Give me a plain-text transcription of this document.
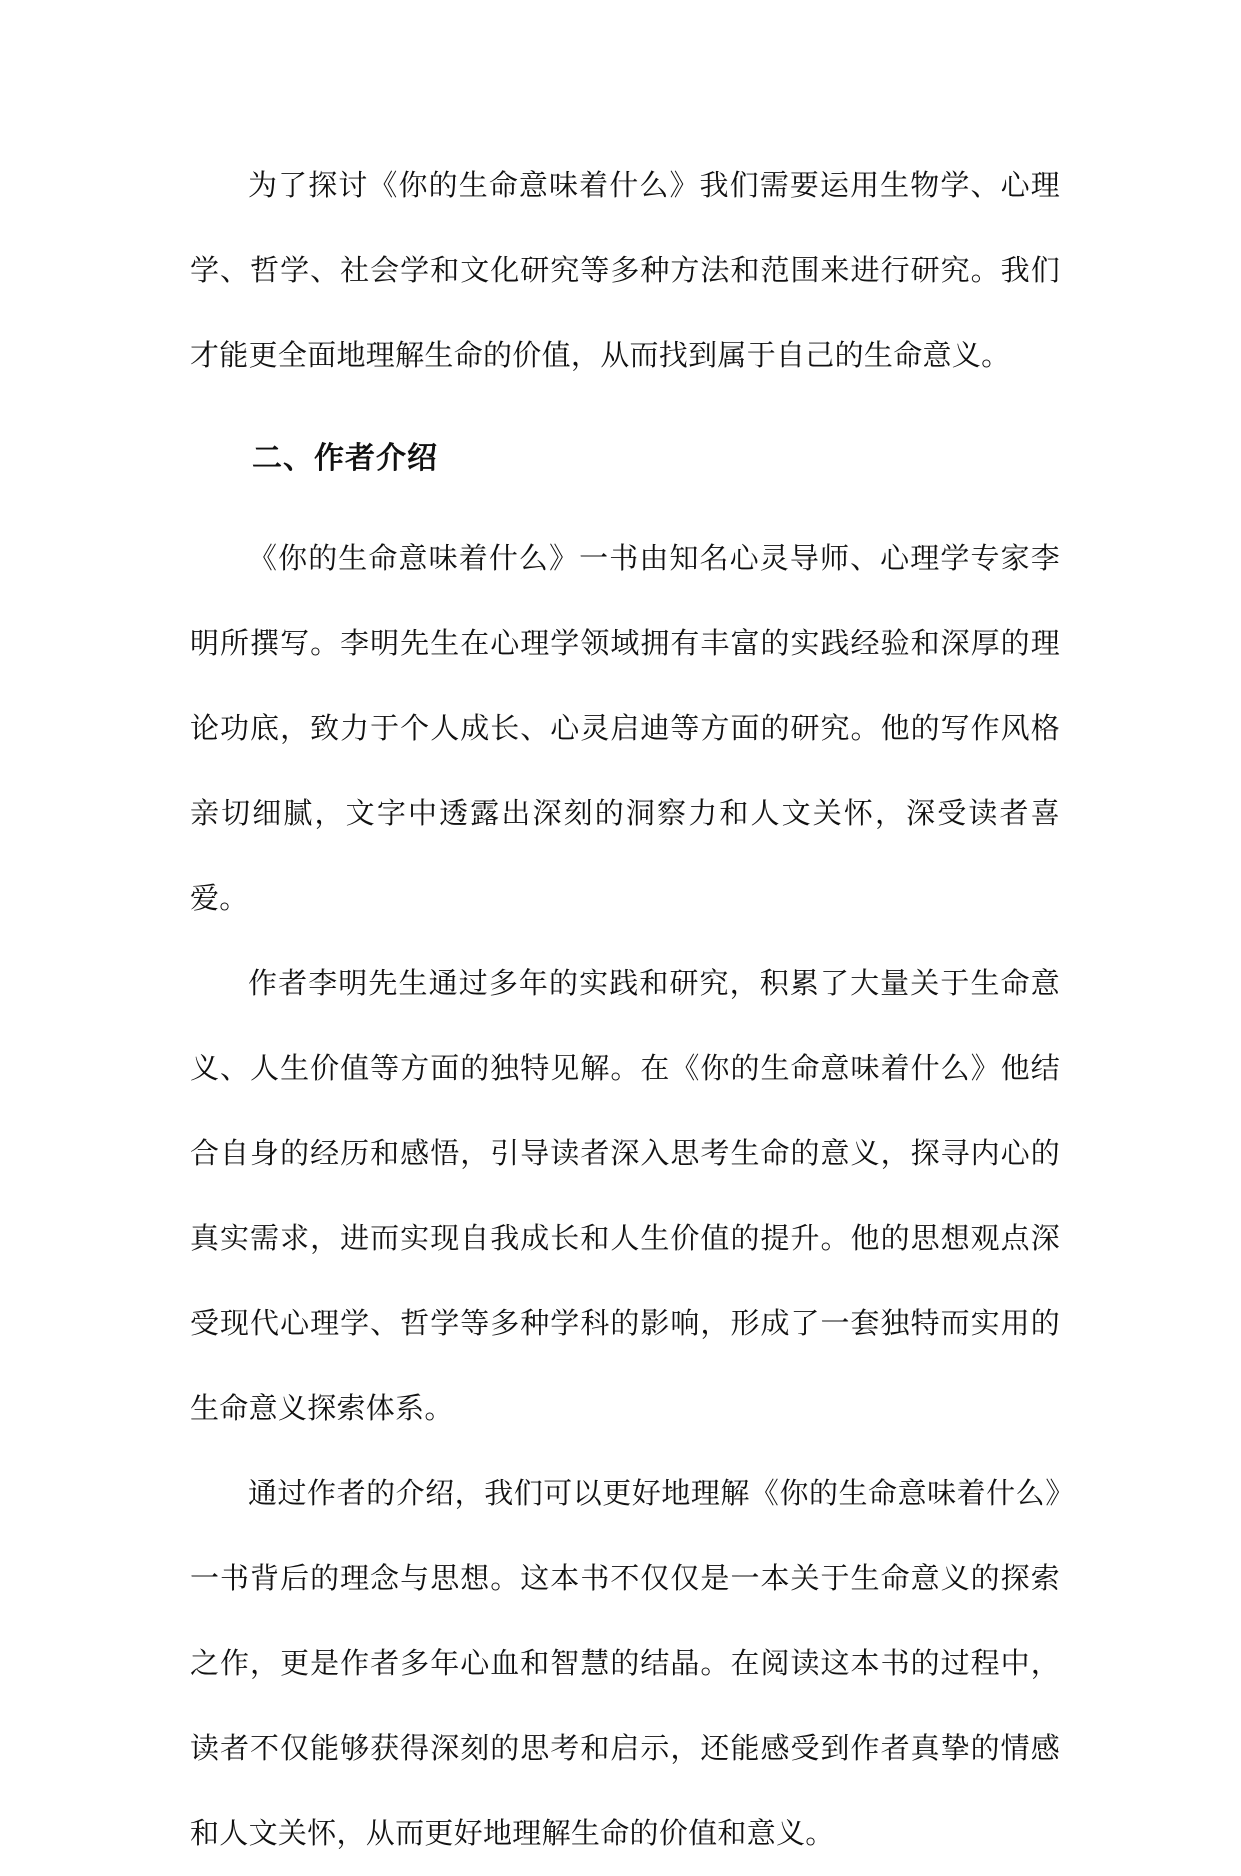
为了探讨《你的生命意味着什么》我们需要运用生物学、心理学、哲学、社会学和文化研究等多种方法和范围来进行研究。我们才能更全面地理解生命的价值，从而找到属于自己的生命意义。

二、作者介绍

《你的生命意味着什么》一书由知名心灵导师、心理学专家李明所撰写。李明先生在心理学领域拥有丰富的实践经验和深厚的理论功底，致力于个人成长、心灵启迪等方面的研究。他的写作风格亲切细腻，文字中透露出深刻的洞察力和人文关怀，深受读者喜爱。

作者李明先生通过多年的实践和研究，积累了大量关于生命意义、人生价值等方面的独特见解。在《你的生命意味着什么》他结合自身的经历和感悟，引导读者深入思考生命的意义，探寻内心的真实需求，进而实现自我成长和人生价值的提升。他的思想观点深受现代心理学、哲学等多种学科的影响，形成了一套独特而实用的生命意义探索体系。

通过作者的介绍，我们可以更好地理解《你的生命意味着什么》一书背后的理念与思想。这本书不仅仅是一本关于生命意义的探索之作，更是作者多年心血和智慧的结晶。在阅读这本书的过程中，读者不仅能够获得深刻的思考和启示，还能感受到作者真挚的情感和人文关怀，从而更好地理解生命的价值和意义。
